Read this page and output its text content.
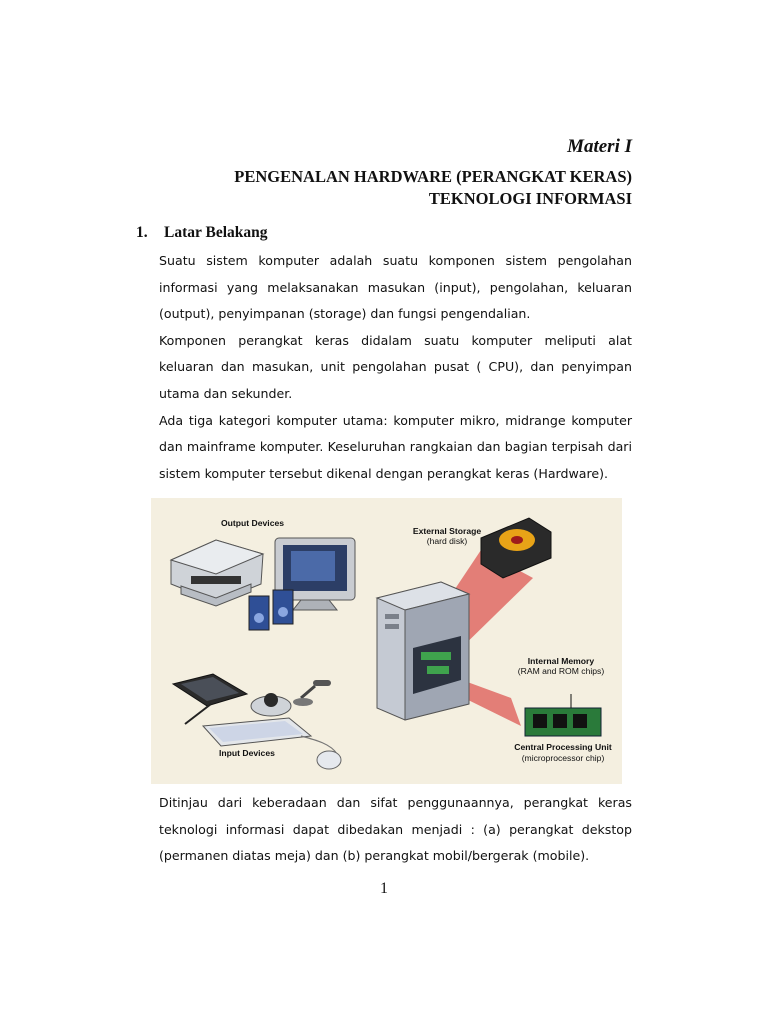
Materi I
PENGENALAN HARDWARE (PERANGKAT KERAS)
TEKNOLOGI INFORMASI
1. Latar Belakang

Suatu sistem komputer adalah suatu komponen sistem pengolahan informasi yang melaksanakan masukan (input), pengolahan, keluaran (output), penyimpanan (storage) dan fungsi pengendalian.

Komponen perangkat keras didalam suatu komputer meliputi alat keluaran dan masukan, unit pengolahan pusat ( CPU), dan penyimpan utama dan sekunder.

Ada tiga kategori komputer utama: komputer mikro, midrange komputer dan mainframe komputer. Keseluruhan rangkaian dan bagian terpisah dari sistem komputer tersebut dikenal dengan perangkat keras (Hardware).

Output Devices
External Storage
(hard disk)
Internal Memory
(RAM and ROM chips)
Input Devices
Central Processing Unit
(microprocessor chip)

Ditinjau dari keberadaan dan sifat penggunaannya, perangkat keras teknologi informasi dapat dibedakan menjadi : (a) perangkat dekstop (permanen diatas meja) dan (b) perangkat mobil/bergerak (mobile).

1
